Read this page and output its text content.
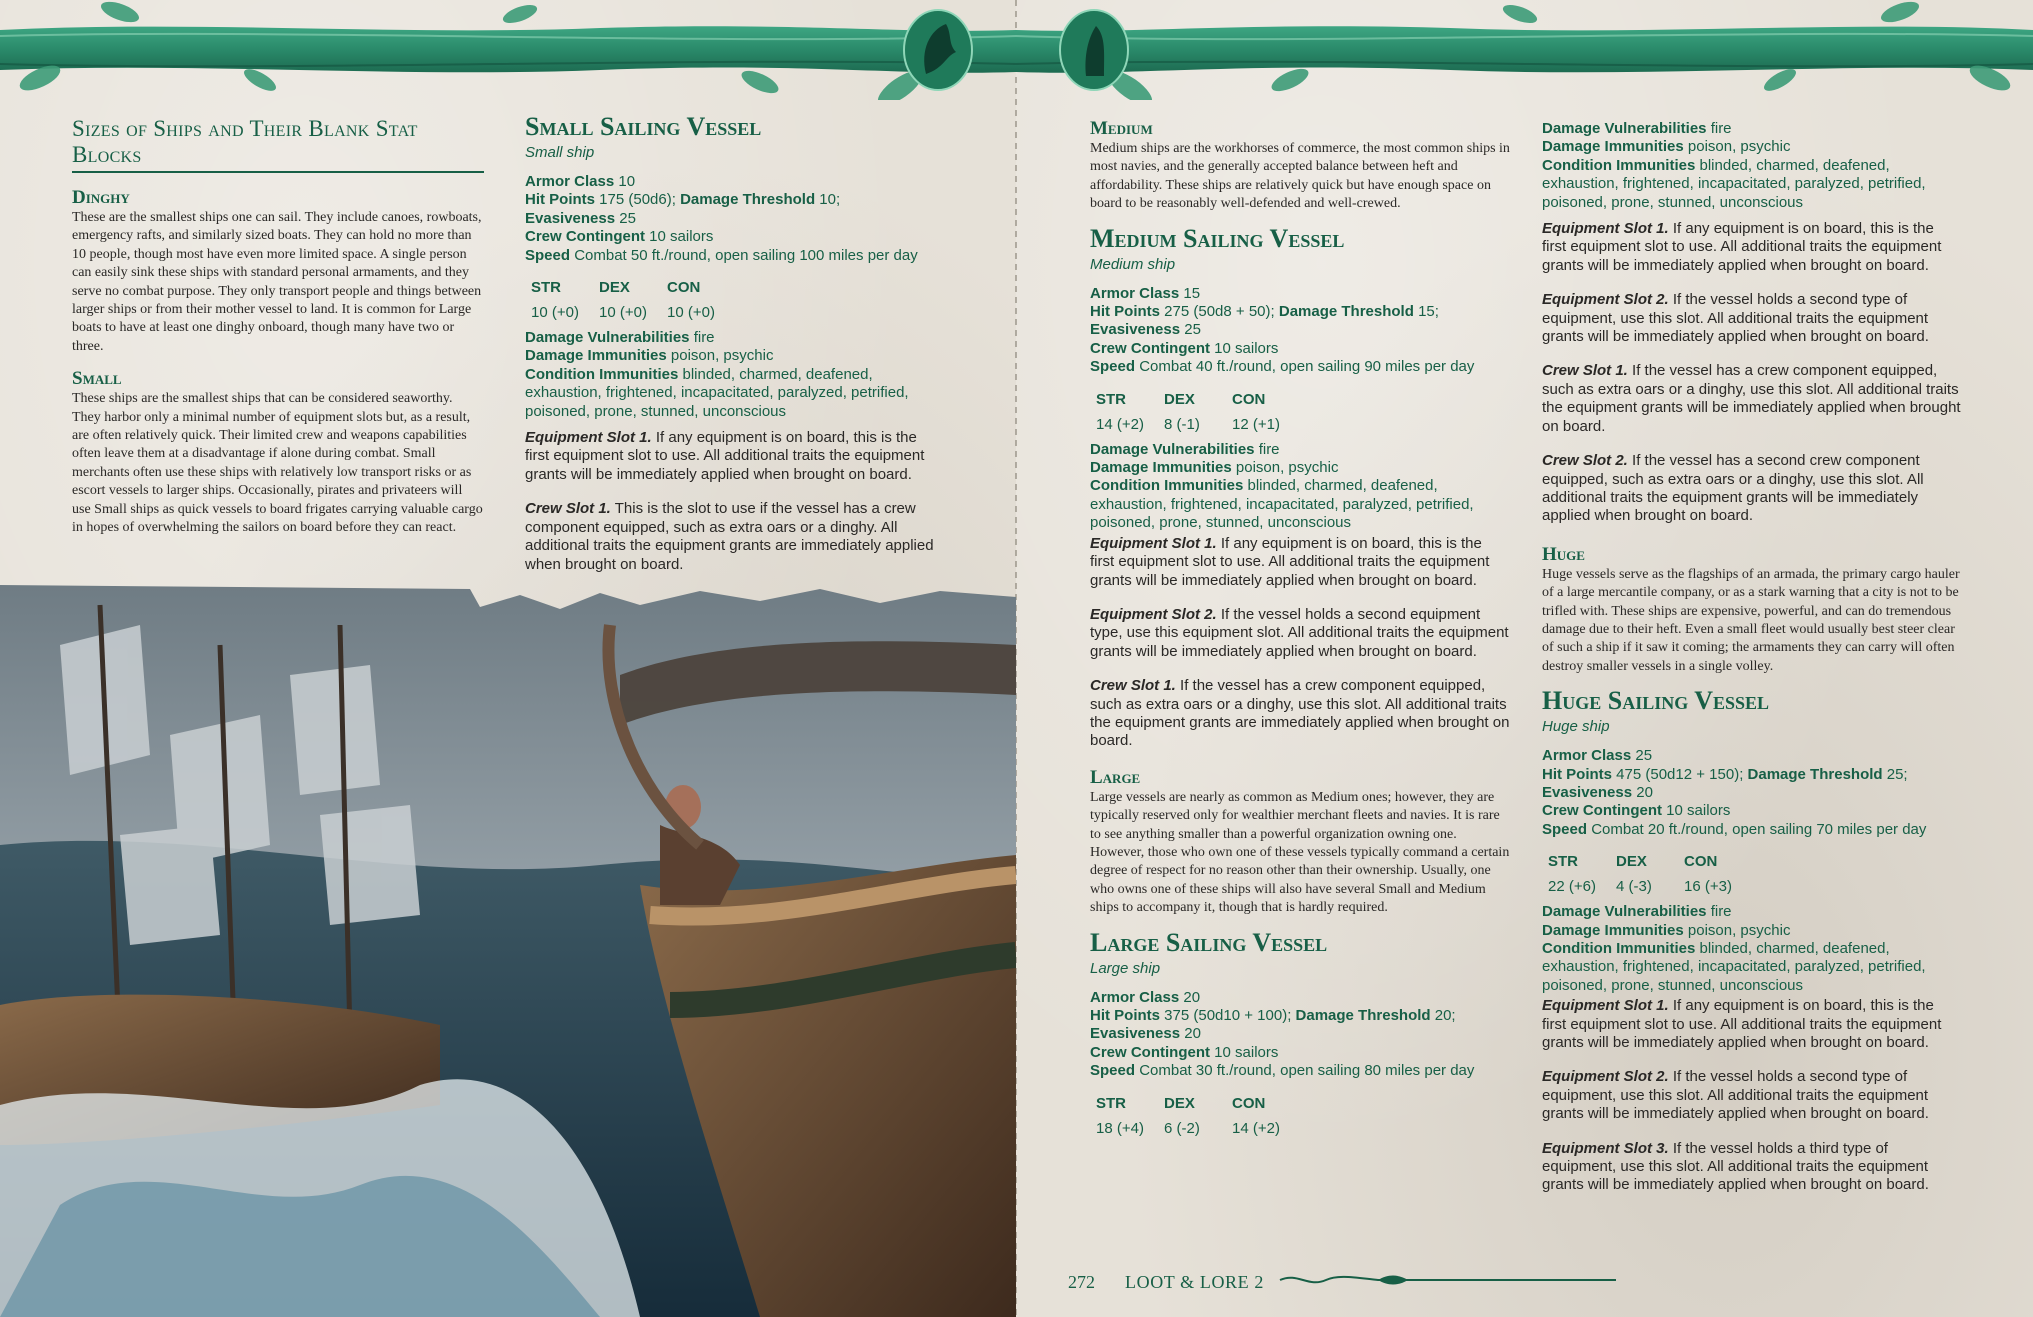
Sizes of Ships and Their Blank Stat Blocks
Dinghy

These are the smallest ships one can sail. They include canoes, rowboats, emergency rafts, and similarly sized boats. They can hold no more than 10 people, though most have even more limited space. A single person can easily sink these ships with standard personal armaments, and they serve no combat purpose. They only transport people and things between larger ships or from their mother vessel to land. It is common for Large boats to have at least one dinghy onboard, though many have two or three.

Small

These ships are the smallest ships that can be considered seaworthy. They harbor only a minimal number of equipment slots but, as a result, are often relatively quick. Their limited crew and weapons capabilities often leave them at a disadvantage if alone during combat. Small merchants often use these ships with relatively low transport risks or as escort vessels to larger ships. Occasionally, pirates and privateers will use Small ships as quick vessels to board frigates carrying valuable cargo in hopes of overwhelming the sailors on board before they can react.

Small Sailing Vessel
Small ship
Armor Class 10
Hit Points 175 (50d6); Damage Threshold 10;
Evasiveness 25
Crew Contingent 10 sailors
Speed Combat 50 ft./round, open sailing 100 miles per day
STR	DEX	CON
10 (+0)	10 (+0)	10 (+0)
Damage Vulnerabilities fire
Damage Immunities poison, psychic
Condition Immunities blinded, charmed, deafened, exhaustion, frightened, incapacitated, paralyzed, petrified, poisoned, prone, stunned, unconscious

Equipment Slot 1. If any equipment is on board, this is the first equipment slot to use. All additional traits the equipment grants will be immediately applied when brought on board.

Crew Slot 1. This is the slot to use if the vessel has a crew component equipped, such as extra oars or a dinghy. All additional traits the equipment grants are immediately applied when brought on board.

Medium

Medium ships are the workhorses of commerce, the most common ships in most navies, and the generally accepted balance between heft and affordability. These ships are relatively quick but have enough space on board to be reasonably well-defended and well-crewed.

Medium Sailing Vessel
Medium ship
Armor Class 15
Hit Points 275 (50d8 + 50); Damage Threshold 15;
Evasiveness 25
Crew Contingent 10 sailors
Speed Combat 40 ft./round, open sailing 90 miles per day
STR	DEX	CON
14 (+2)	8 (-1)	12 (+1)
Damage Vulnerabilities fire
Damage Immunities poison, psychic
Condition Immunities blinded, charmed, deafened, exhaustion, frightened, incapacitated, paralyzed, petrified, poisoned, prone, stunned, unconscious

Equipment Slot 1. If any equipment is on board, this is the first equipment slot to use. All additional traits the equipment grants will be immediately applied when brought on board.

Equipment Slot 2. If the vessel holds a second equipment type, use this equipment slot. All additional traits the equipment grants will be immediately applied when brought on board.

Crew Slot 1. If the vessel has a crew component equipped, such as extra oars or a dinghy, use this slot. All additional traits the equipment grants are immediately applied when brought on board.

Large

Large vessels are nearly as common as Medium ones; however, they are typically reserved only for wealthier merchant fleets and navies. It is rare to see anything smaller than a powerful organization owning one. However, those who own one of these vessels typically command a certain degree of respect for no reason other than their ownership. Usually, one who owns one of these ships will also have several Small and Medium ships to accompany it, though that is hardly required.

Large Sailing Vessel
Large ship
Armor Class 20
Hit Points 375 (50d10 + 100); Damage Threshold 20;
Evasiveness 20
Crew Contingent 10 sailors
Speed Combat 30 ft./round, open sailing 80 miles per day
STR	DEX	CON
18 (+4)	6 (-2)	14 (+2)
Damage Vulnerabilities fire
Damage Immunities poison, psychic
Condition Immunities blinded, charmed, deafened, exhaustion, frightened, incapacitated, paralyzed, petrified, poisoned, prone, stunned, unconscious

Equipment Slot 1. If any equipment is on board, this is the first equipment slot to use. All additional traits the equipment grants will be immediately applied when brought on board.

Equipment Slot 2. If the vessel holds a second type of equipment, use this slot. All additional traits the equipment grants will be immediately applied when brought on board.

Crew Slot 1. If the vessel has a crew component equipped, such as extra oars or a dinghy, use this slot. All additional traits the equipment grants will be immediately applied when brought on board.

Crew Slot 2. If the vessel has a second crew component equipped, such as extra oars or a dinghy, use this slot. All additional traits the equipment grants will be immediately applied when brought on board.

Huge

Huge vessels serve as the flagships of an armada, the primary cargo hauler of a large mercantile company, or as a stark warning that a city is not to be trifled with. These ships are expensive, powerful, and can do tremendous damage due to their heft. Even a small fleet would usually best steer clear of such a ship if it saw it coming; the armaments they can carry will often destroy smaller vessels in a single volley.

Huge Sailing Vessel
Huge ship
Armor Class 25
Hit Points 475 (50d12 + 150); Damage Threshold 25;
Evasiveness 20
Crew Contingent 10 sailors
Speed Combat 20 ft./round, open sailing 70 miles per day
STR	DEX	CON
22 (+6)	4 (-3)	16 (+3)
Damage Vulnerabilities fire
Damage Immunities poison, psychic
Condition Immunities blinded, charmed, deafened, exhaustion, frightened, incapacitated, paralyzed, petrified, poisoned, prone, stunned, unconscious

Equipment Slot 1. If any equipment is on board, this is the first equipment slot to use. All additional traits the equipment grants will be immediately applied when brought on board.

Equipment Slot 2. If the vessel holds a second type of equipment, use this slot. All additional traits the equipment grants will be immediately applied when brought on board.

Equipment Slot 3. If the vessel holds a third type of equipment, use this slot. All additional traits the equipment grants will be immediately applied when brought on board.

272 LOOT & LORE 2
